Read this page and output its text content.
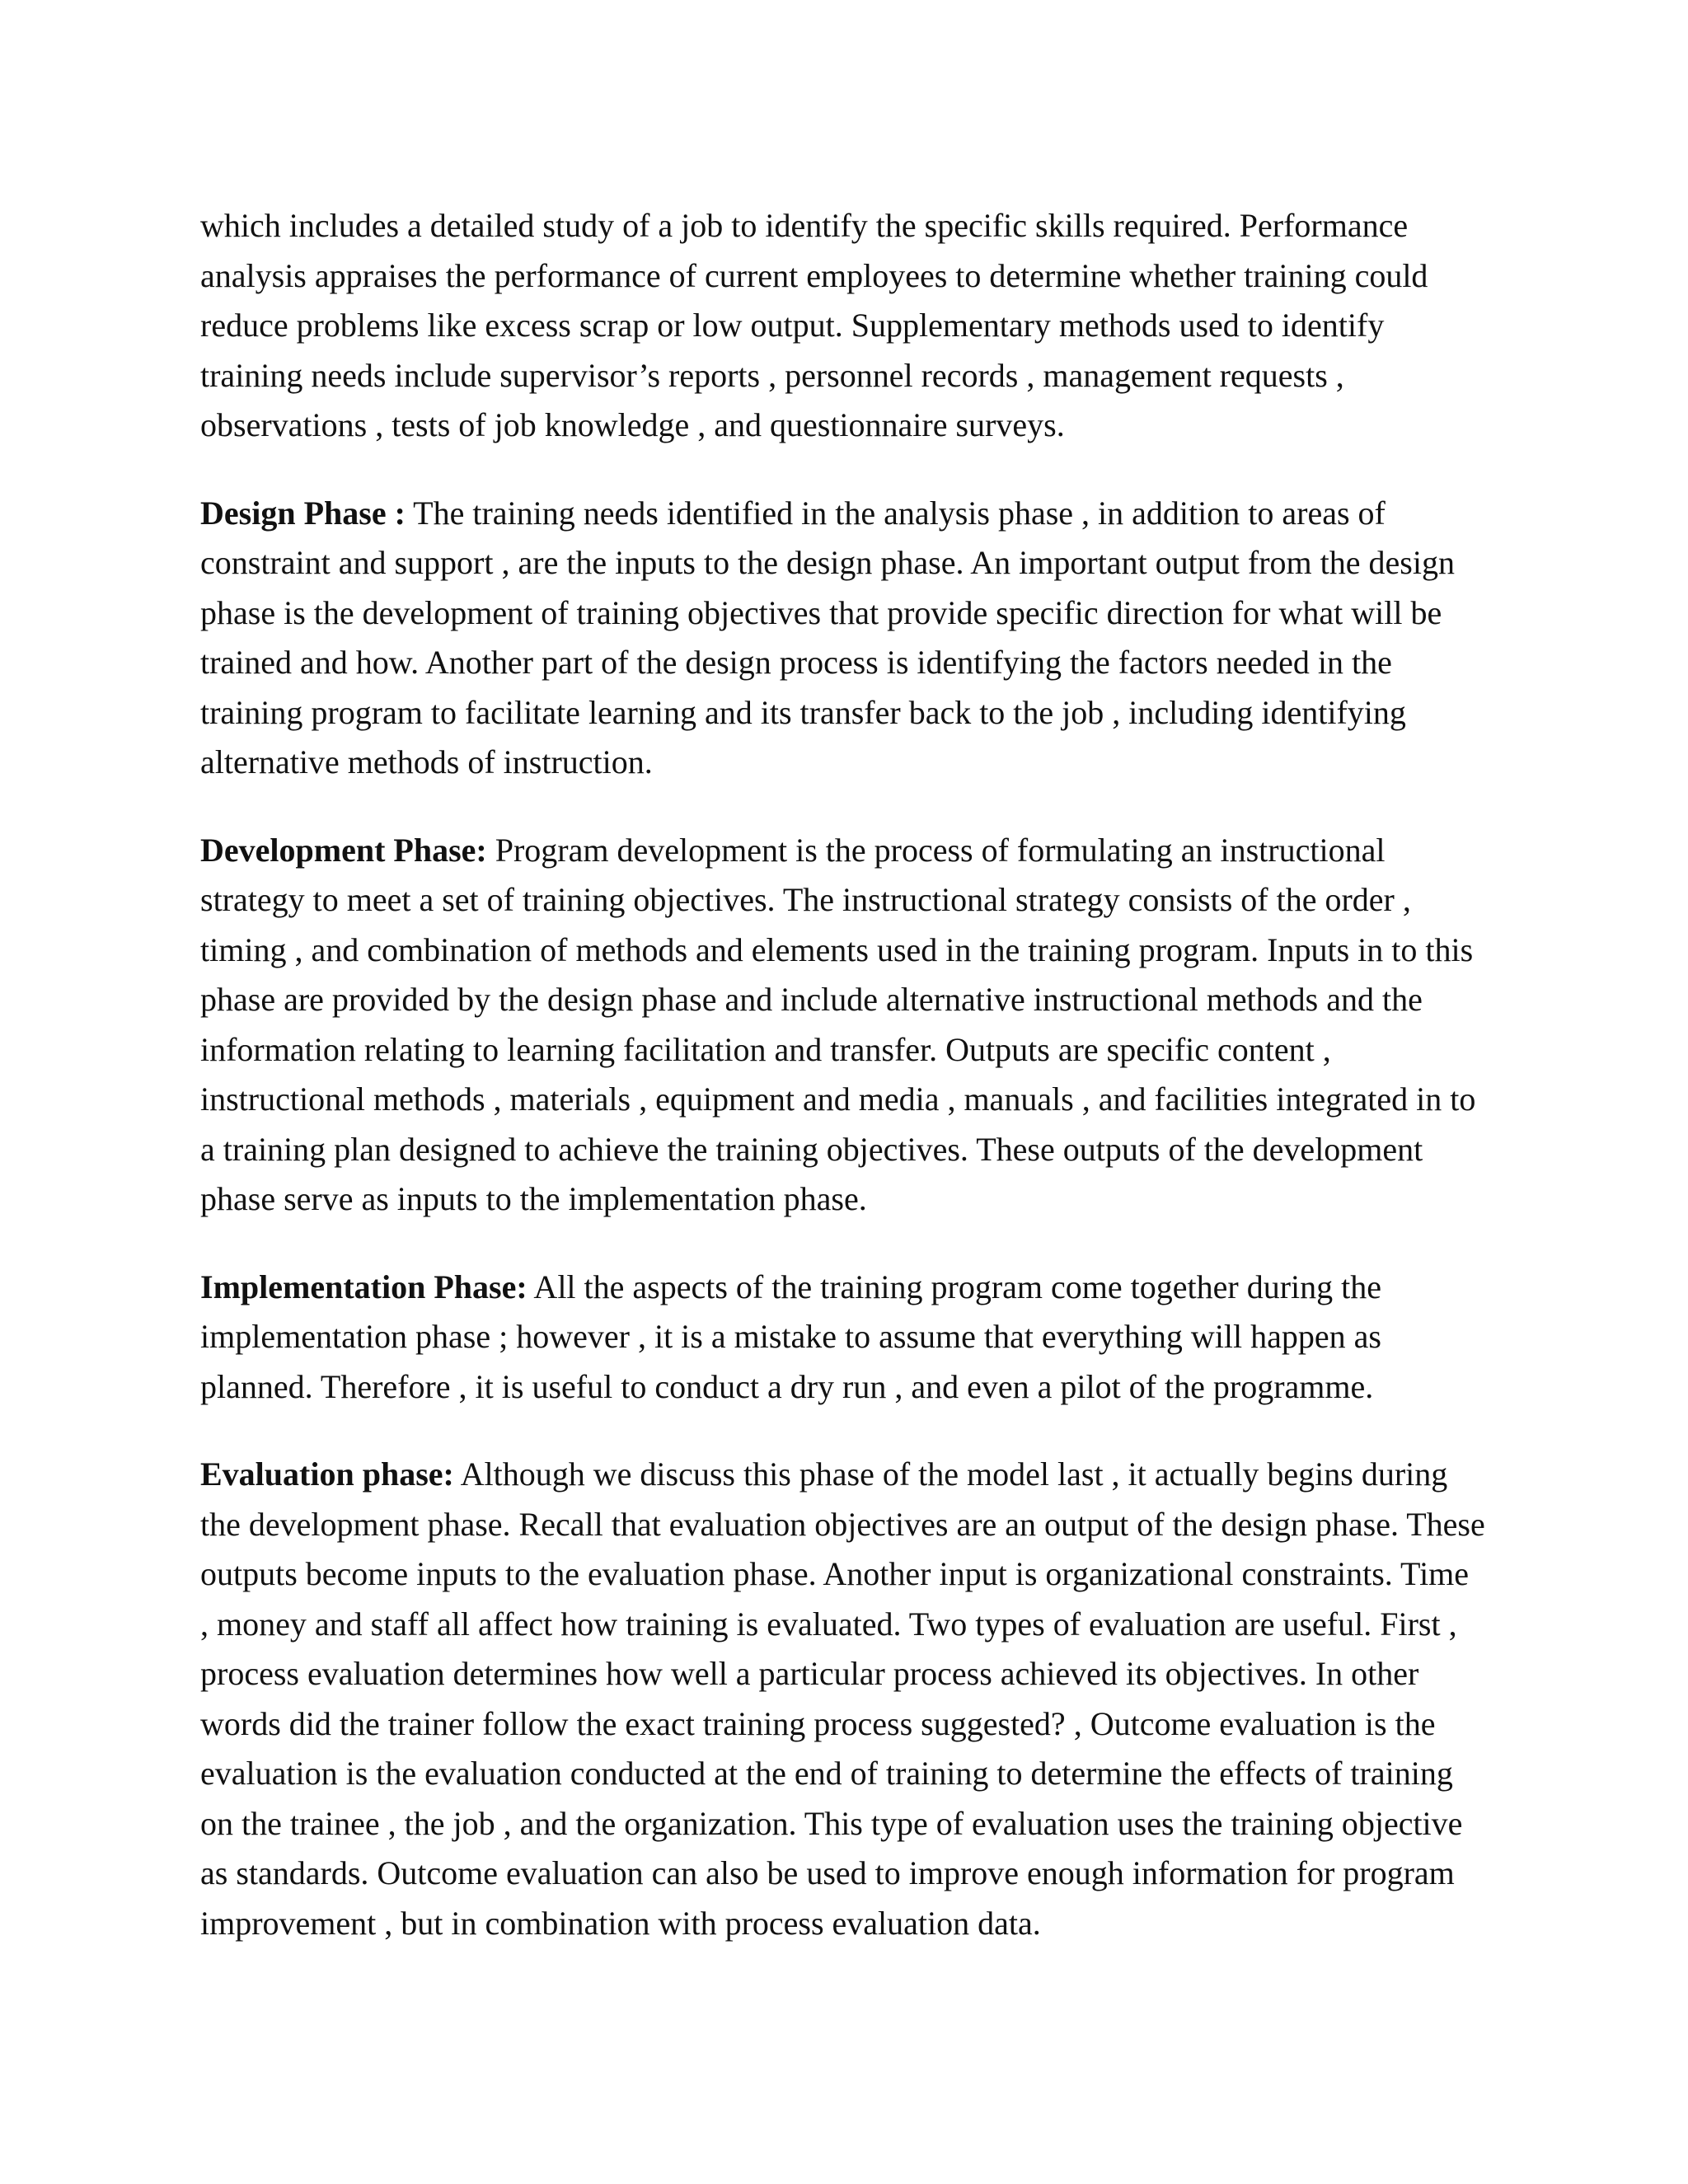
which includes a detailed study of a job to identify the specific skills required. Performance
analysis appraises the performance of current employees to determine whether training could
reduce problems like excess scrap or low output. Supplementary methods used to identify
training needs include supervisor’s reports , personnel records , management requests ,
observations , tests of job knowledge , and questionnaire surveys.
Design Phase : The training needs identified in the analysis phase , in addition to areas of
constraint and support , are the inputs to the design phase. An important output from the design
phase is the development of training objectives that provide specific direction for what will be
trained and how. Another part of the design process is identifying the factors needed in the
training program to facilitate learning and its transfer back to the job , including identifying
alternative methods of instruction.
Development Phase: Program development is the process of formulating an instructional
strategy to meet a set of training objectives. The instructional strategy consists of the order ,
timing , and combination of methods and elements used in the training program. Inputs in to this
phase are provided by the design phase and include alternative instructional methods and the
information relating to learning facilitation and transfer. Outputs are specific content ,
instructional methods , materials , equipment and media , manuals , and facilities integrated in to
a training plan designed to achieve the training objectives. These outputs of the development
phase serve as inputs to the implementation phase.
Implementation Phase: All the aspects of the training program come together during the
implementation phase ; however , it is a mistake to assume that everything will happen as
planned. Therefore , it is useful to conduct a dry run , and even a pilot of the programme.
Evaluation phase: Although we discuss this phase of the model last , it actually begins during
the development phase. Recall that evaluation objectives are an output of the design phase. These
outputs become inputs to the evaluation phase. Another input is organizational constraints. Time
, money and staff all affect how training is evaluated. Two types of evaluation are useful. First ,
process evaluation determines how well a particular process achieved its objectives. In other
words did the trainer follow the exact training process suggested? , Outcome evaluation is the
evaluation is the evaluation conducted at the end of training to determine the effects of training
on the trainee , the job , and the organization. This type of evaluation uses the training objective
as standards. Outcome evaluation can also be used to improve enough information for program
improvement , but in combination with process evaluation data.
